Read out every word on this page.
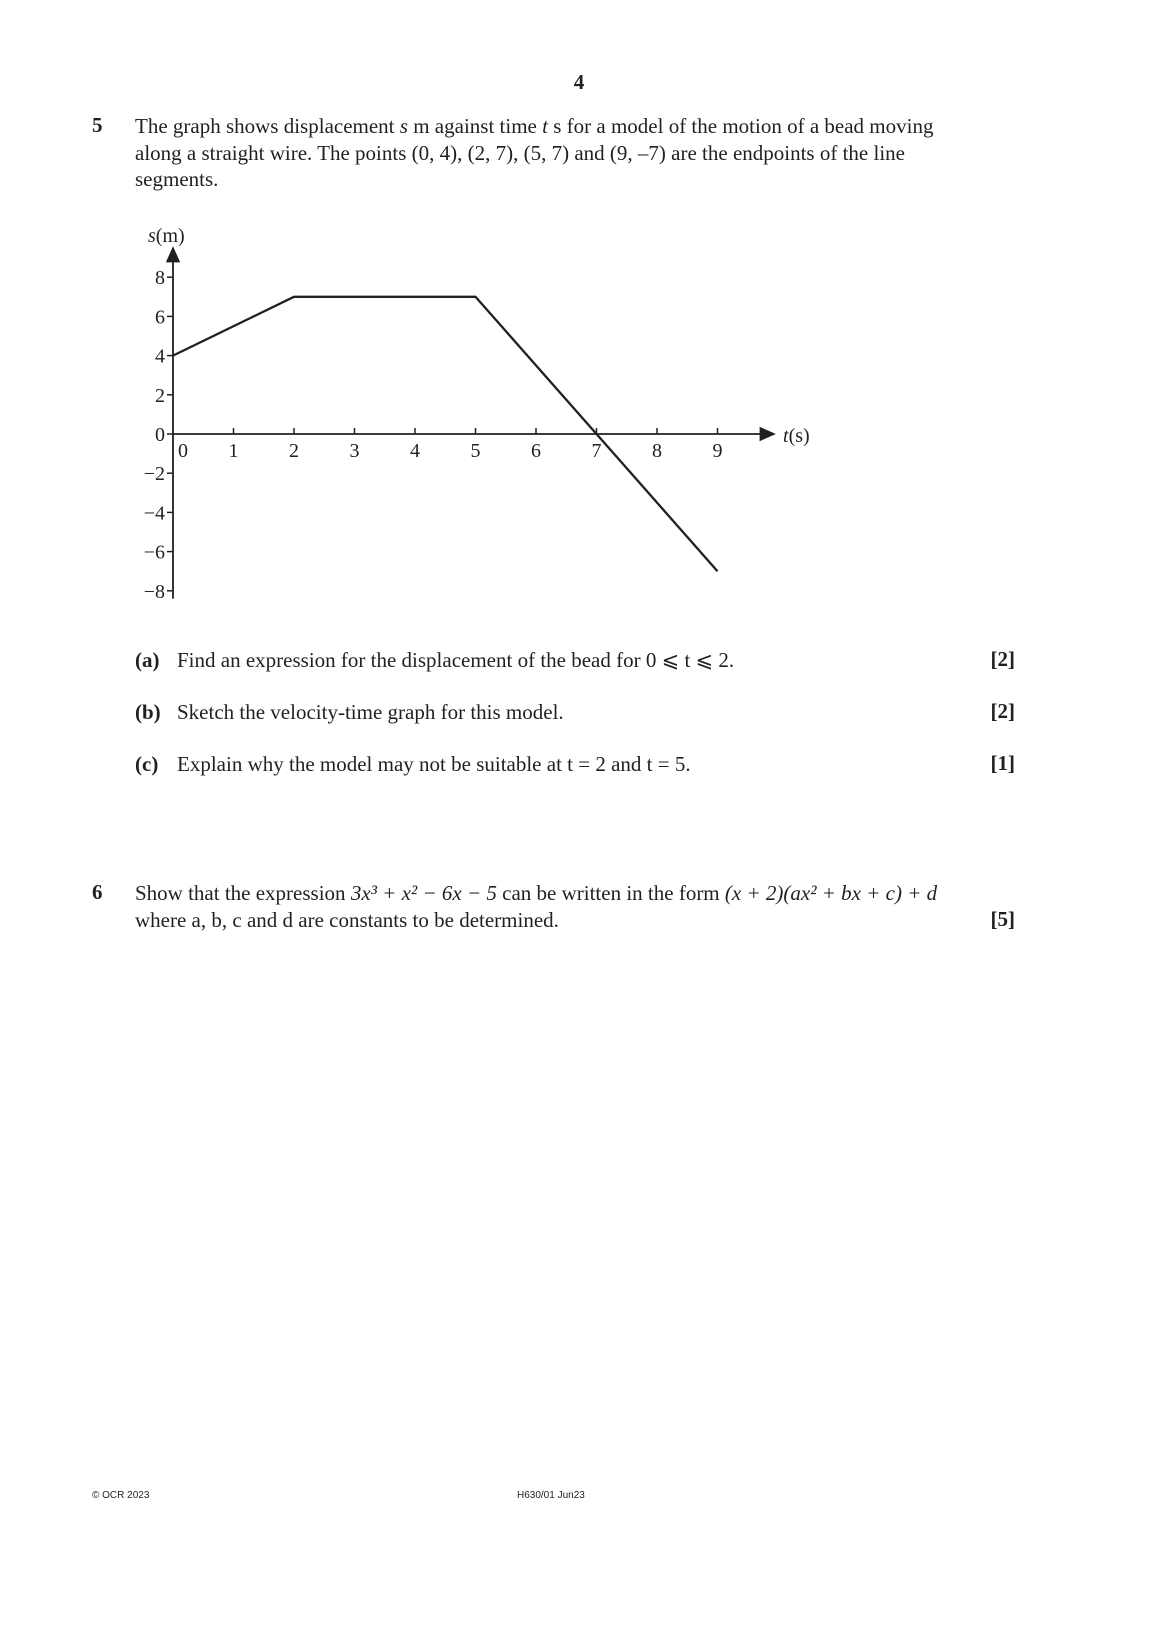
4
5 The graph shows displacement s m against time t s for a model of the motion of a bead moving
along a straight wire. The points (0, 4), (2, 7), (5, 7) and (9, –7) are the endpoints of the line
segments.
0 1	2	3	4	5	6	7	8	9
8
6
4
2
0
−2
−4
−6
−8
s(m)
t(s)
(a) Find an expression for the displacement of the bead for 0 ⩽ t ⩽ 2.	[2]
(b) Sketch the velocity-time graph for this model.	[2]
(c) Explain why the model may not be suitable at t = 2 and t = 5.	[1]
6 Show that the expression 3x³ + x² − 6x − 5 can be written in the form (x + 2)(ax² + bx + c) + d
where a, b, c and d are constants to be determined.	[5]
© OCR 2023	H630/01 Jun23
